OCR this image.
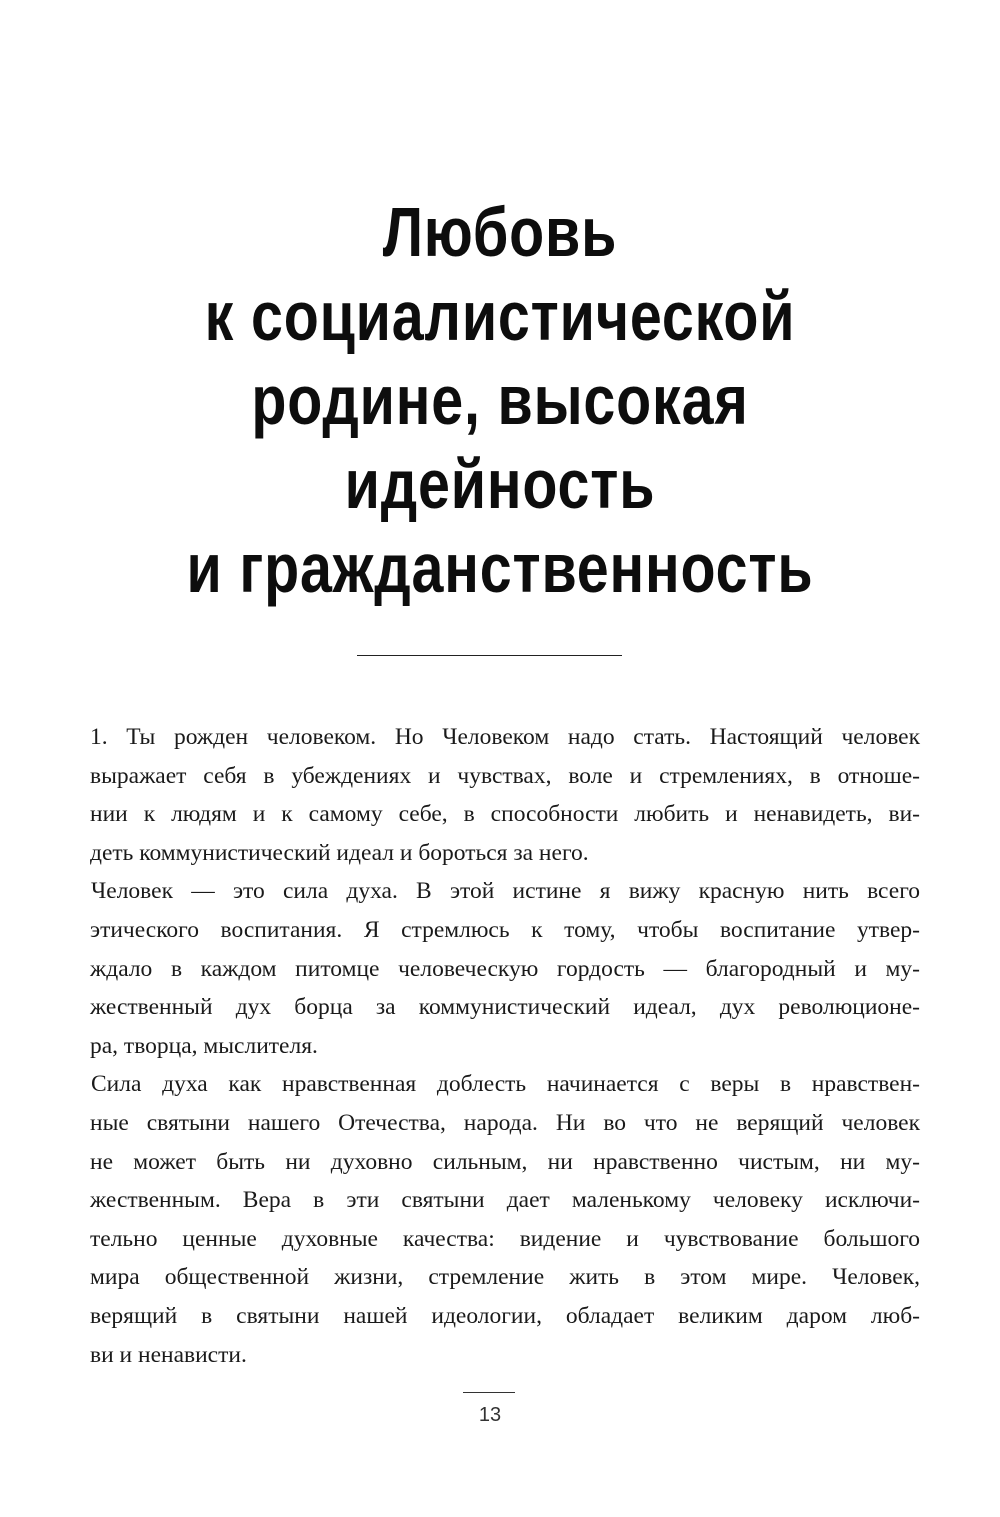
Любовь
к социалистической
родине, высокая
идейность
и гражданственность
1. Ты рожден человеком. Но Человеком надо стать. Настоящий человек
выражает себя в убеждениях и чувствах, воле и стремлениях, в отноше-
нии к людям и к самому себе, в способности любить и ненавидеть, ви-
деть коммунистический идеал и бороться за него.
Человек — это сила духа. В этой истине я вижу красную нить всего
этического воспитания. Я стремлюсь к тому, чтобы воспитание утвер-
ждало в каждом питомце человеческую гордость — благородный и му-
жественный дух борца за коммунистический идеал, дух революционе-
ра, творца, мыслителя.
Сила духа как нравственная доблесть начинается с веры в нравствен-
ные святыни нашего Отечества, народа. Ни во что не верящий человек
не может быть ни духовно сильным, ни нравственно чистым, ни му-
жественным. Вера в эти святыни дает маленькому человеку исключи-
тельно ценные духовные качества: видение и чувствование большого
мира общественной жизни, стремление жить в этом мире. Человек,
верящий в святыни нашей идеологии, обладает великим даром люб-
ви и ненависти.
13
